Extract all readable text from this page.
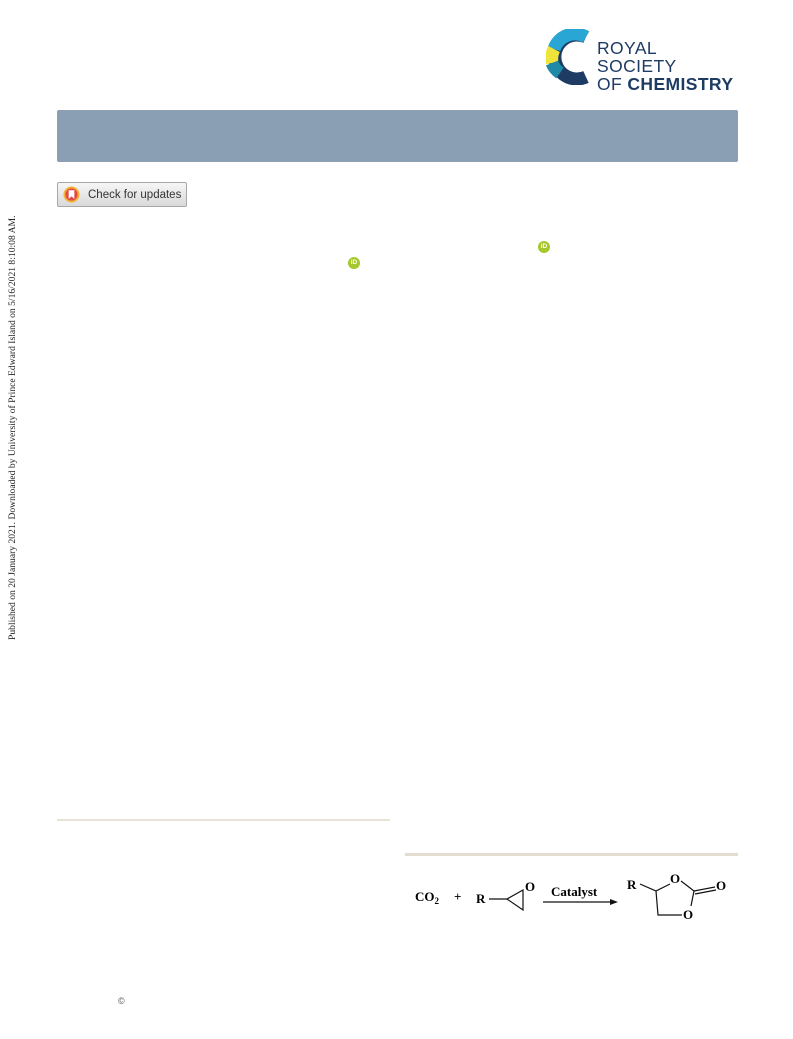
Published on 20 January 2021. Downloaded by University of Prince Edward Island on 5/16/2021 8:10:08 AM.
ROYAL SOCIETY
OF CHEMISTRY
Check for updates
iD
iD
$CO_2 + R$
O Catalyst R	O	O
O
©
